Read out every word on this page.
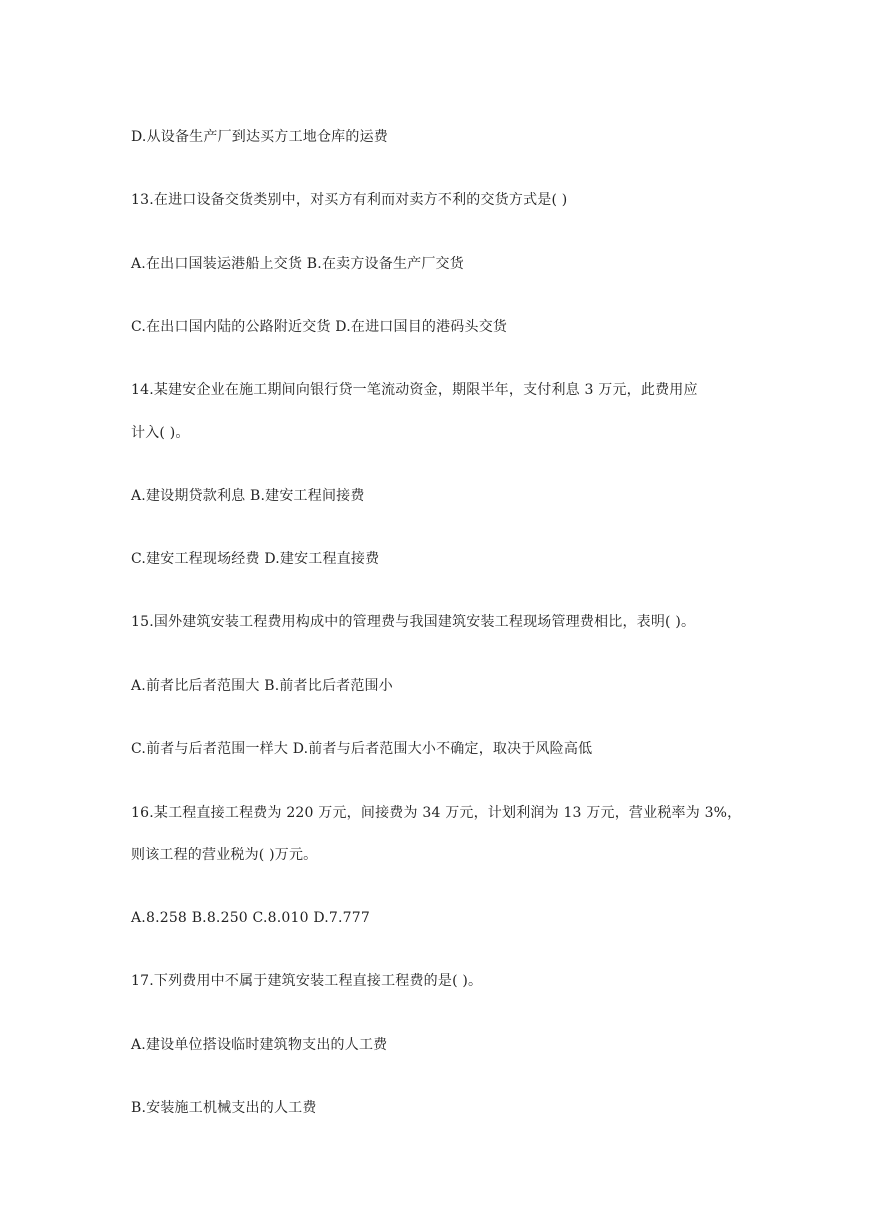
D.从设备生产厂到达买方工地仓库的运费
13.在进口设备交货类别中，对买方有利而对卖方不利的交货方式是( )
A.在出口国装运港船上交货 B.在卖方设备生产厂交货
C.在出口国内陆的公路附近交货 D.在进口国目的港码头交货
14.某建安企业在施工期间向银行贷一笔流动资金，期限半年，支付利息 3 万元，此费用应
计入( )。
A.建设期贷款利息 B.建安工程间接费
C.建安工程现场经费 D.建安工程直接费
15.国外建筑安装工程费用构成中的管理费与我国建筑安装工程现场管理费相比，表明( )。
A.前者比后者范围大 B.前者比后者范围小
C.前者与后者范围一样大 D.前者与后者范围大小不确定，取决于风险高低
16.某工程直接工程费为 220 万元，间接费为 34 万元，计划利润为 13 万元，营业税率为 3%，
则该工程的营业税为( )万元。
A.8.258 B.8.250 C.8.010 D.7.777
17.下列费用中不属于建筑安装工程直接工程费的是( )。
A.建设单位搭设临时建筑物支出的人工费
B.安装施工机械支出的人工费
